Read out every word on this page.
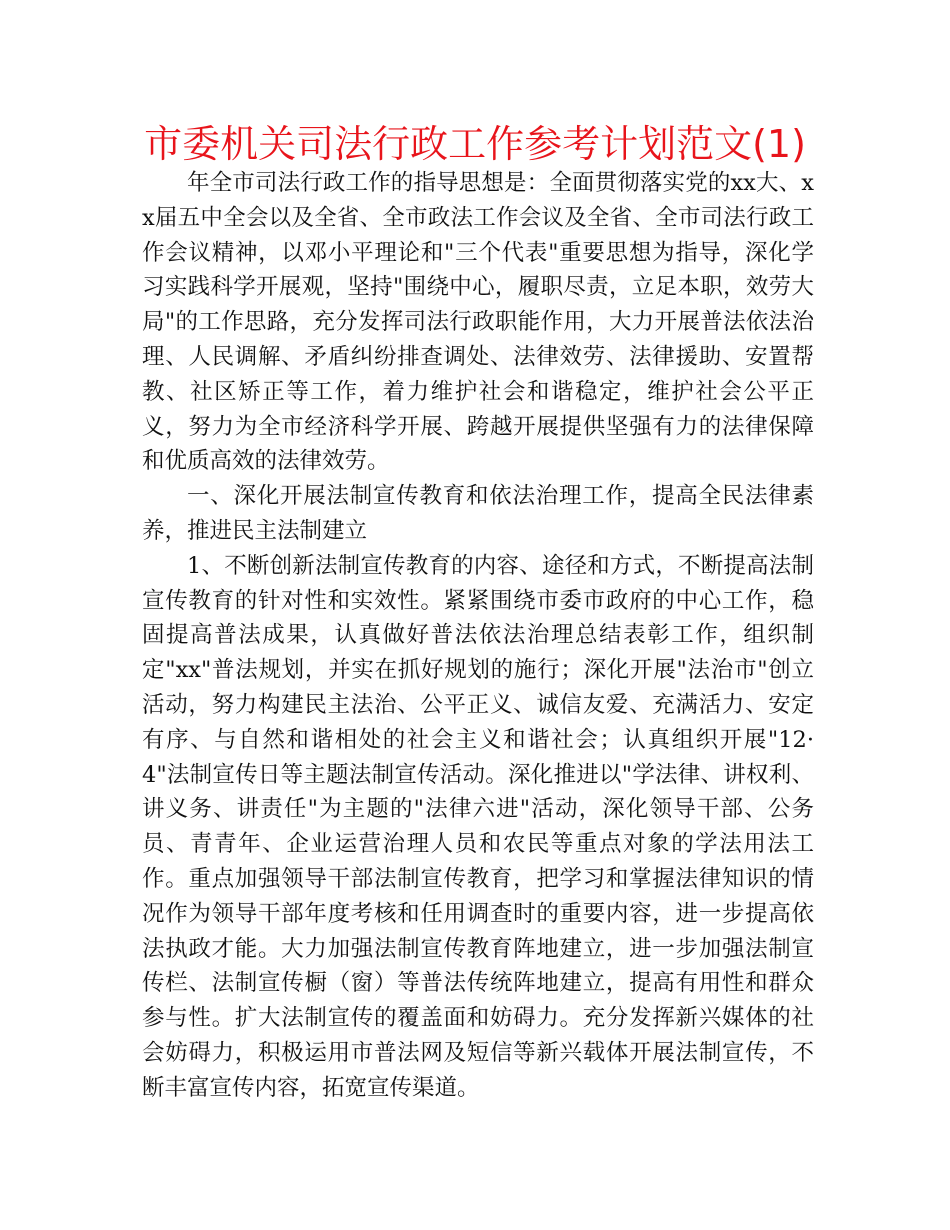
市委机关司法行政工作参考计划范文(1)

年全市司法行政工作的指导思想是：全面贯彻落实党的xx大、xx届五中全会以及全省、全市政法工作会议及全省、全市司法行政工作会议精神，以邓小平理论和"三个代表"重要思想为指导，深化学习实践科学开展观，坚持"围绕中心，履职尽责，立足本职，效劳大局"的工作思路，充分发挥司法行政职能作用，大力开展普法依法治理、人民调解、矛盾纠纷排查调处、法律效劳、法律援助、安置帮教、社区矫正等工作，着力维护社会和谐稳定，维护社会公平正义，努力为全市经济科学开展、跨越开展提供坚强有力的法律保障和优质高效的法律效劳。

一、深化开展法制宣传教育和依法治理工作，提高全民法律素养，推进民主法制建立

1、不断创新法制宣传教育的内容、途径和方式，不断提高法制宣传教育的针对性和实效性。紧紧围绕市委市政府的中心工作，稳固提高普法成果，认真做好普法依法治理总结表彰工作，组织制定"xx"普法规划，并实在抓好规划的施行；深化开展"法治市"创立活动，努力构建民主法治、公平正义、诚信友爱、充满活力、安定有序、与自然和谐相处的社会主义和谐社会；认真组织开展"12·4"法制宣传日等主题法制宣传活动。深化推进以"学法律、讲权利、讲义务、讲责任"为主题的"法律六进"活动，深化领导干部、公务员、青青年、企业运营治理人员和农民等重点对象的学法用法工作。重点加强领导干部法制宣传教育，把学习和掌握法律知识的情况作为领导干部年度考核和任用调查时的重要内容，进一步提高依法执政才能。大力加强法制宣传教育阵地建立，进一步加强法制宣传栏、法制宣传橱（窗）等普法传统阵地建立，提高有用性和群众参与性。扩大法制宣传的覆盖面和妨碍力。充分发挥新兴媒体的社会妨碍力，积极运用市普法网及短信等新兴载体开展法制宣传，不断丰富宣传内容，拓宽宣传渠道。
